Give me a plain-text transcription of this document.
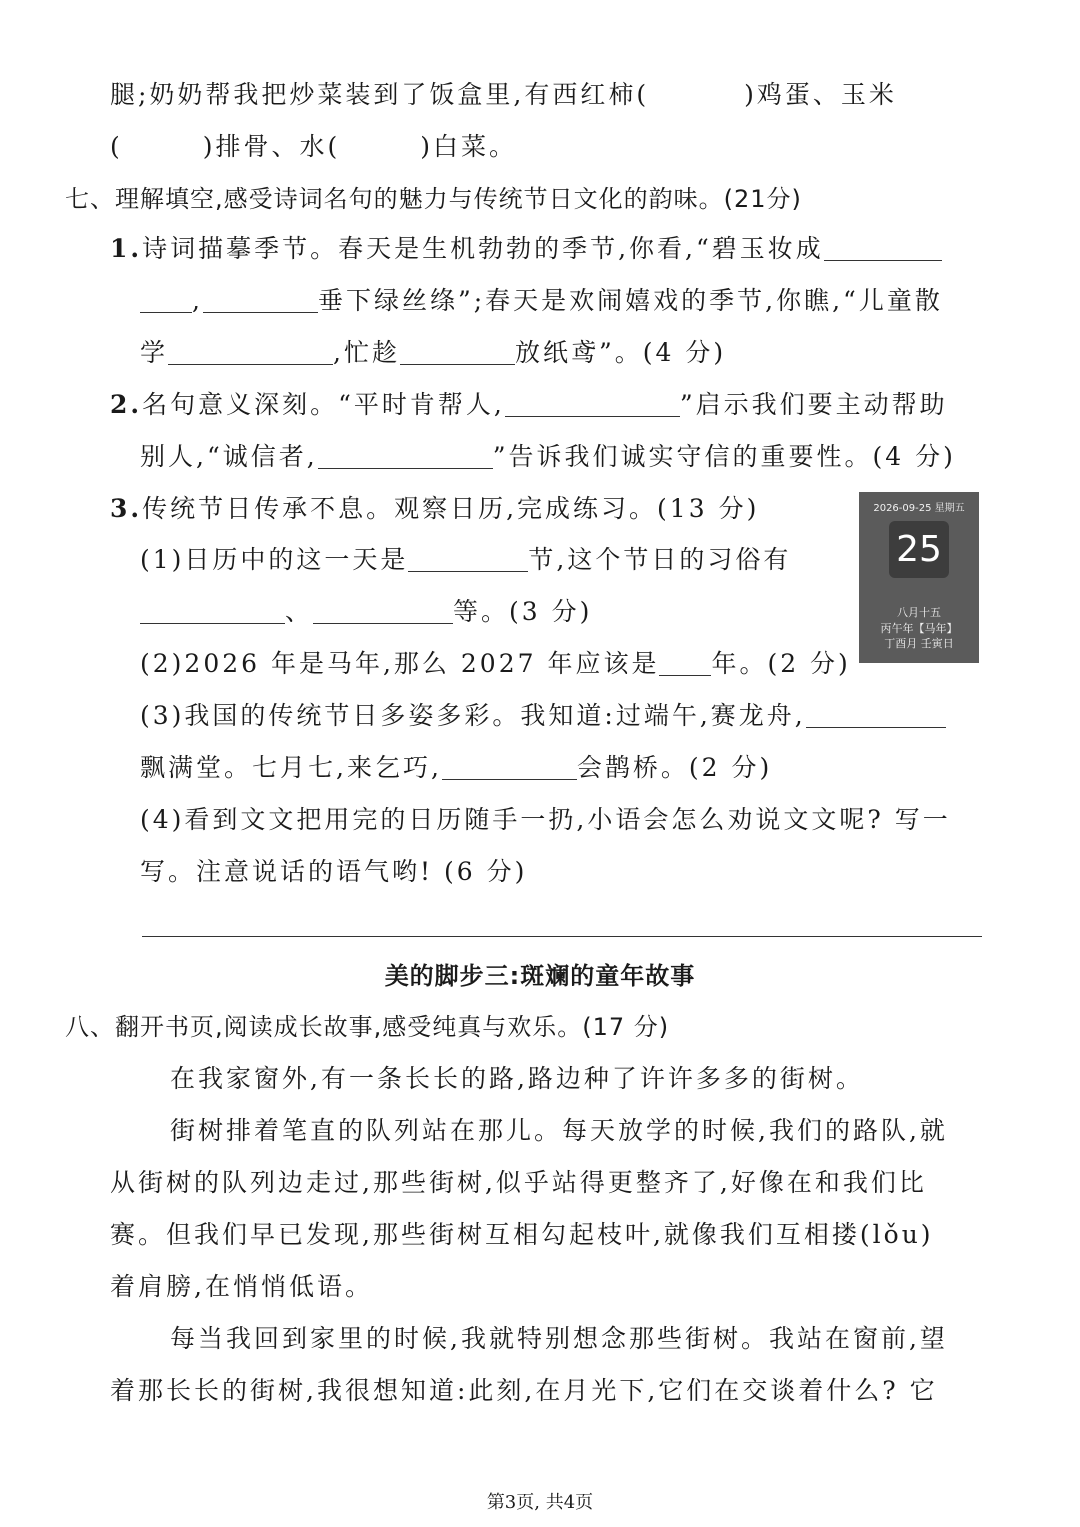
腿;奶奶帮我把炒菜装到了饭盒里,有西红柿(	)鸡蛋、玉米
(	)排骨、水(	)白菜。
七、理解填空,感受诗词名句的魅力与传统节日文化的韵味。(21分)
1.诗词描摹季节。春天是生机勃勃的季节,你看,“碧玉妆成
,	垂下绿丝绦”;春天是欢闹嬉戏的季节,你瞧,“儿童散
学	,忙趁	放纸鸢”。(4 分)
2.名句意义深刻。“平时肯帮人,	”启示我们要主动帮助
别人,“诚信者,	”告诉我们诚实守信的重要性。(4 分)
3.传统节日传承不息。观察日历,完成练习。(13 分)
(1)日历中的这一天是	节,这个节日的习俗有
、	等。(3 分)
(2)2026 年是马年,那么 2027 年应该是 年。(2 分)
2026-09-25 星期五
25
八月十五
丙午年【马年】
丁酉月 壬寅日
(3)我国的传统节日多姿多彩。我知道:过端午,赛龙舟,
飘满堂。七月七,来乞巧,	会鹊桥。(2 分)
(4)看到文文把用完的日历随手一扔,小语会怎么劝说文文呢? 写一
写。注意说话的语气哟! (6 分)
美的脚步三:斑斓的童年故事
八、翻开书页,阅读成长故事,感受纯真与欢乐。(17 分)
在我家窗外,有一条长长的路,路边种了许许多多的街树。
街树排着笔直的队列站在那儿。每天放学的时候,我们的路队,就
从街树的队列边走过,那些街树,似乎站得更整齐了,好像在和我们比
赛。但我们早已发现,那些街树互相勾起枝叶,就像我们互相搂(lǒu)
着肩膀,在悄悄低语。
每当我回到家里的时候,我就特别想念那些街树。我站在窗前,望
着那长长的街树,我很想知道:此刻,在月光下,它们在交谈着什么? 它
第3页, 共4页
